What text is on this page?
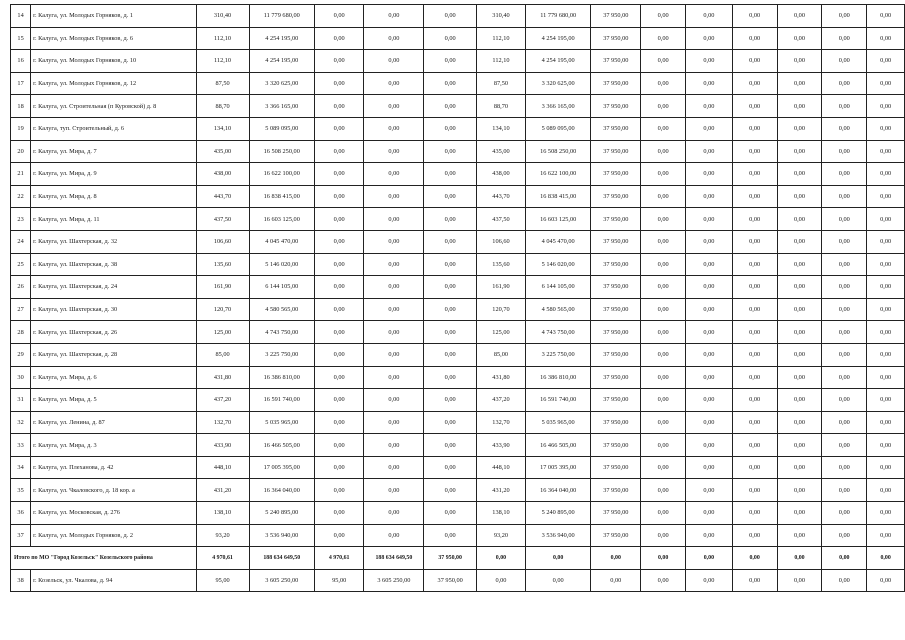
14	г. Калуга, ул. Молодых Горняков, д. 1	310,40	11 779 680,00	0,00	0,00	0,00	310,40	11 779 680,00	37 950,00	0,00	0,00	0,00	0,00	0,00	0,00
15	г. Калуга, ул. Молодых Горняков, д. 6	112,10	4 254 195,00	0,00	0,00	0,00	112,10	4 254 195,00	37 950,00	0,00	0,00	0,00	0,00	0,00	0,00
16	г. Калуга, ул. Молодых Горняков, д. 10	112,10	4 254 195,00	0,00	0,00	0,00	112,10	4 254 195,00	37 950,00	0,00	0,00	0,00	0,00	0,00	0,00
17	г. Калуга, ул. Молодых Горняков, д. 12	87,50	3 320 625,00	0,00	0,00	0,00	87,50	3 320 625,00	37 950,00	0,00	0,00	0,00	0,00	0,00	0,00
18	г. Калуга, ул. Строительная (п Куровской) д. 8	88,70	3 366 165,00	0,00	0,00	0,00	88,70	3 366 165,00	37 950,00	0,00	0,00	0,00	0,00	0,00	0,00
19	г. Калуга, туп. Строительный, д. 6	134,10	5 089 095,00	0,00	0,00	0,00	134,10	5 089 095,00	37 950,00	0,00	0,00	0,00	0,00	0,00	0,00
20	г. Калуга, ул. Мира, д. 7	435,00	16 508 250,00	0,00	0,00	0,00	435,00	16 508 250,00	37 950,00	0,00	0,00	0,00	0,00	0,00	0,00
21	г. Калуга, ул. Мира, д. 9	438,00	16 622 100,00	0,00	0,00	0,00	438,00	16 622 100,00	37 950,00	0,00	0,00	0,00	0,00	0,00	0,00
22	г. Калуга, ул. Мира, д. 8	443,70	16 838 415,00	0,00	0,00	0,00	443,70	16 838 415,00	37 950,00	0,00	0,00	0,00	0,00	0,00	0,00
23	г. Калуга, ул. Мира, д. 11	437,50	16 603 125,00	0,00	0,00	0,00	437,50	16 603 125,00	37 950,00	0,00	0,00	0,00	0,00	0,00	0,00
24	г. Калуга, ул. Шахтерская, д. 32	106,60	4 045 470,00	0,00	0,00	0,00	106,60	4 045 470,00	37 950,00	0,00	0,00	0,00	0,00	0,00	0,00
25	г. Калуга, ул. Шахтерская, д. 38	135,60	5 146 020,00	0,00	0,00	0,00	135,60	5 146 020,00	37 950,00	0,00	0,00	0,00	0,00	0,00	0,00
26	г. Калуга, ул. Шахтерская, д. 24	161,90	6 144 105,00	0,00	0,00	0,00	161,90	6 144 105,00	37 950,00	0,00	0,00	0,00	0,00	0,00	0,00
27	г. Калуга, ул. Шахтерская, д. 30	120,70	4 580 565,00	0,00	0,00	0,00	120,70	4 580 565,00	37 950,00	0,00	0,00	0,00	0,00	0,00	0,00
28	г. Калуга, ул. Шахтерская, д. 26	125,00	4 743 750,00	0,00	0,00	0,00	125,00	4 743 750,00	37 950,00	0,00	0,00	0,00	0,00	0,00	0,00
29	г. Калуга, ул. Шахтерская, д. 28	85,00	3 225 750,00	0,00	0,00	0,00	85,00	3 225 750,00	37 950,00	0,00	0,00	0,00	0,00	0,00	0,00
30	г. Калуга, ул. Мира, д. 6	431,80	16 386 810,00	0,00	0,00	0,00	431,80	16 386 810,00	37 950,00	0,00	0,00	0,00	0,00	0,00	0,00
31	г. Калуга, ул. Мира, д. 5	437,20	16 591 740,00	0,00	0,00	0,00	437,20	16 591 740,00	37 950,00	0,00	0,00	0,00	0,00	0,00	0,00
32	г. Калуга, ул. Ленина, д. 87	132,70	5 035 965,00	0,00	0,00	0,00	132,70	5 035 965,00	37 950,00	0,00	0,00	0,00	0,00	0,00	0,00
33	г. Калуга, ул. Мира, д. 3	433,90	16 466 505,00	0,00	0,00	0,00	433,90	16 466 505,00	37 950,00	0,00	0,00	0,00	0,00	0,00	0,00
34	г. Калуга, ул. Плеханова, д. 42	448,10	17 005 395,00	0,00	0,00	0,00	448,10	17 005 395,00	37 950,00	0,00	0,00	0,00	0,00	0,00	0,00
35	г. Калуга, ул. Чкаловского, д. 18 кор. а	431,20	16 364 040,00	0,00	0,00	0,00	431,20	16 364 040,00	37 950,00	0,00	0,00	0,00	0,00	0,00	0,00
36	г. Калуга, ул. Московская, д. 276	138,10	5 240 895,00	0,00	0,00	0,00	138,10	5 240 895,00	37 950,00	0,00	0,00	0,00	0,00	0,00	0,00
37	г. Калуга, ул. Молодых Горняков, д. 2	93,20	3 536 940,00	0,00	0,00	0,00	93,20	3 536 940,00	37 950,00	0,00	0,00	0,00	0,00	0,00	0,00
Итого по МО "Город Козельск" Козельского района		4 970,61	188 634 649,50	4 970,61	188 634 649,50	37 950,00	0,00	0,00	0,00	0,00	0,00	0,00	0,00	0,00	0,00
38	г. Козельск, ул. Чкалова, д. 94	95,00	3 605 250,00	95,00	3 605 250,00	37 950,00	0,00	0,00	0,00	0,00	0,00	0,00	0,00	0,00	0,00
